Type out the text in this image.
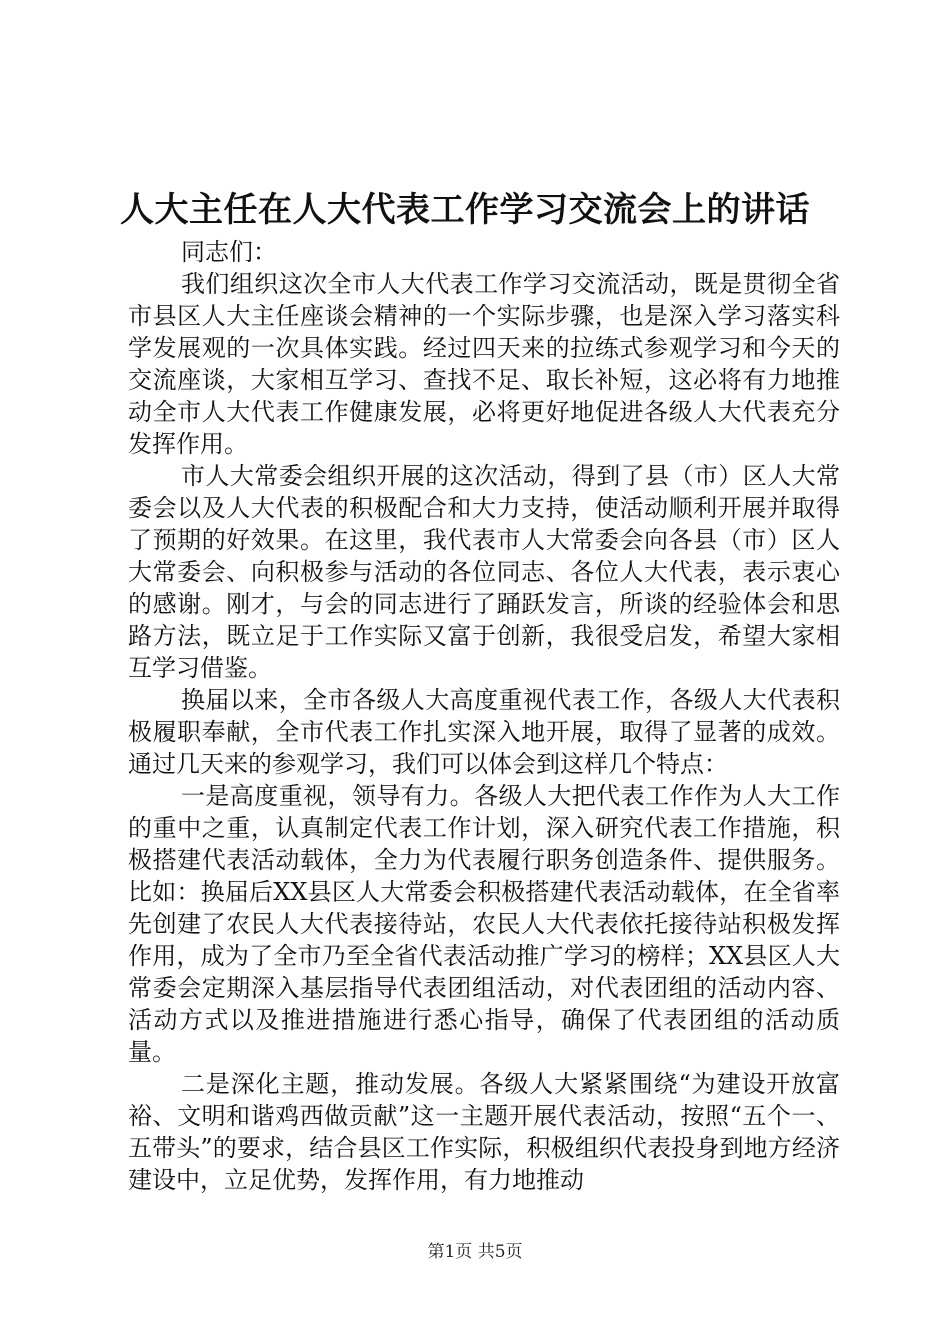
人大主任在人大代表工作学习交流会上的讲话

同志们：

我们组织这次全市人大代表工作学习交流活动，既是贯彻全省市县区人大主任座谈会精神的一个实际步骤，也是深入学习落实科学发展观的一次具体实践。经过四天来的拉练式参观学习和今天的交流座谈，大家相互学习、查找不足、取长补短，这必将有力地推动全市人大代表工作健康发展，必将更好地促进各级人大代表充分发挥作用。

市人大常委会组织开展的这次活动，得到了县（市）区人大常委会以及人大代表的积极配合和大力支持，使活动顺利开展并取得了预期的好效果。在这里，我代表市人大常委会向各县（市）区人大常委会、向积极参与活动的各位同志、各位人大代表，表示衷心的感谢。刚才，与会的同志进行了踊跃发言，所谈的经验体会和思路方法，既立足于工作实际又富于创新，我很受启发，希望大家相互学习借鉴。

换届以来，全市各级人大高度重视代表工作，各级人大代表积极履职奉献，全市代表工作扎实深入地开展，取得了显著的成效。通过几天来的参观学习，我们可以体会到这样几个特点：

一是高度重视，领导有力。各级人大把代表工作作为人大工作的重中之重，认真制定代表工作计划，深入研究代表工作措施，积极搭建代表活动载体，全力为代表履行职务创造条件、提供服务。比如：换届后XX县区人大常委会积极搭建代表活动载体，在全省率先创建了农民人大代表接待站，农民人大代表依托接待站积极发挥作用，成为了全市乃至全省代表活动推广学习的榜样；XX县区人大常委会定期深入基层指导代表团组活动，对代表团组的活动内容、活动方式以及推进措施进行悉心指导，确保了代表团组的活动质量。

二是深化主题，推动发展。各级人大紧紧围绕“为建设开放富裕、文明和谐鸡西做贡献”这一主题开展代表活动，按照“五个一、五带头”的要求，结合县区工作实际，积极组织代表投身到地方经济建设中，立足优势，发挥作用，有力地推动

第1页 共5页
